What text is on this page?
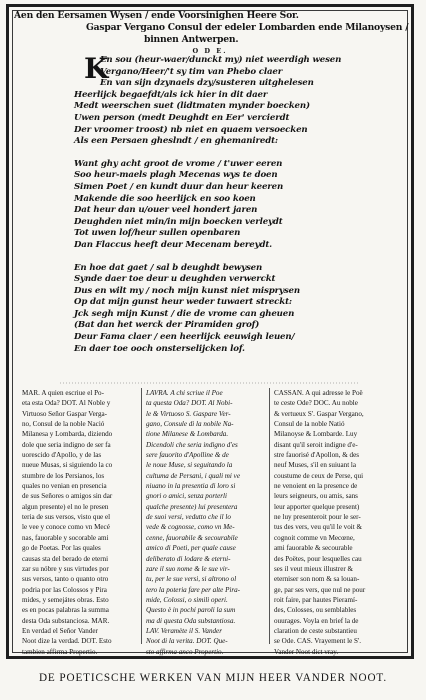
Aen den Eersamen Wysen / ende Voorsinighen Heere Sor.
Gaspar Vergano Consul der edeler Lombarden ende Milanoysen /
binnen Antwerpen.
O D E.
K
En sou (heur-waer/dunckt my) niet weerdigh wesen
Vergano/Heer/'t sy tim van Phebo claer
En van sijn dzynaels dzy/susteren uitghelesen
Heerlijck begaefdt/als ick hier in dit daer
Medt weerschen suet (lidtmaten mynder boecken)
Uwen person (medt Deughdt en Eer' vercierdt
Der vroomer troost) nb niet en quaem versoecken
Als een Persaen gheslndt / en ghemaniredt:
Want ghy acht groot de vrome / t'uwer eeren
Soo heur-maels plagh Mecenas wys te doen
Simen Poet / en kundt duur dan heur keeren
Makende die soo heerlijck en soo koen
Dat heur dan u/ouer veel hondert jaren
Deughden niet min/in mijn boecken verleydt
Tot uwen lof/heur sullen openbaren
Dan Flaccus heeft deur Mecenam bereydt.
En hoe dat gaet / sal b deughdt bewysen
Synde daer toe deur u deughden verwerckt
Dus en wilt my / noch mijn kunst niet misprysen
Op dat mijn gunst heur weder tuwaert streckt:
Jck segh mijn Kunst / die de vrome can gheuen
(Bat dan het werck der Piramiden grof)
Deur Fama claer / een heerlijck eeuwigh leuen/
En daer toe ooch onsterselijcken lof.
MAR. A quien escriue el Po-
eta esta Oda? DOT. Al Noble y
Virtuoso Señor Gaspar Verga-
no, Consul de la noble Nació
Milanesa y Lombarda, diziendo
dole que seria indigno de ser fa
uorescido d'Apollo, y de las
nueue Musas, si siguiendo la co
stumbre de los Persianos, los
quales no venian en presencia
de sus Señores o amigos sin dar
algun presente) el no le presen
teria de sus versos, visto que el
le vee y conoce como vn Mecé
nas, fauorable y socorable ami
go de Poetas. Por las quales
causas sta del berado de eterni
zar su nóbre y sus virtudes por
sus versos, tanto o quanto otro
podria por las Colossos y Pira
mides, y semejátes obras. Esto
es en pocas palabras la summa
desta Oda substanciosa. MAR.
En verdad el Señor Vander
Noot dize la verdad. DOT. Esto
tambien affirma Propertio.
LAVRA. A chi scriue il Poe
ta questa Oda? DOT. Al Nobi-
le & Virtuoso S. Gaspare Ver-
gano, Consule di la nobile Na-
tione Milanese & Lombarda.
Dicendoli che seria indigno d'es
sere fauorito d'Apolline & de
le noue Muse, si seguitando la
cultuma de Persani, i quali mi ve
niuano in la presentia di loro si
gnori o amici, senza porterli
qualche presente) lui presentera
de suoi versi, vedutto che il lo
vede & cognosse, como vn Me-
cenne, fauorabile & secourabile
amico di Poeti, per quale cause
deliberato di lodare & eterni-
zare il suo nome & le sue vir-
tu, per le sue versi, si altrono ol
tero la poteria fare per alte Pira-
mide, Colossi, o simili operi.
Questo è in pochi paroli la sum
ma di questa Oda substantiosa.
LAV. Veramète il S. Vander
Noot di la verita. DOT. Que-
sto affirma anco Propertio.
CASSAN. A qui adresse le Poë
te ceste Ode? DOC. Au noble
& vertueux S'. Gaspar Vergano,
Consul de la noble Natió
Milanoyse & Lombarde. Luy
disant qu'il seroit indigne d'e-
stre fauorisé d'Apollon, & des
neuf Muses, s'il en suiuant la
coustume de ceux de Perse, qui
ne venoient en la presence de
leurs seigneurs, ou amis, sans
leur apporter quelque present)
ne luy presenteroit pour le ser-
tus des vers, veu qu'il le voit &
cognoit comme vn Mecœne,
ami fauorable & secourable
des Poëtes, pour lesquelles cau
ses il veut mieux illustrer &
eterniser son nom & sa louan-
ge, par ses vers, que nul ne pour
roit faire, par hautes Pieramí-
des, Colosses, ou semblables
ouurages. Voyla en brief la de
claration de ceste substantieu
se Ode. CAS. Vrayement le S'.
Vander Noot dict vray.
DE POETICSCHE WERKEN VAN MIJN HEER VANDER NOOT.
